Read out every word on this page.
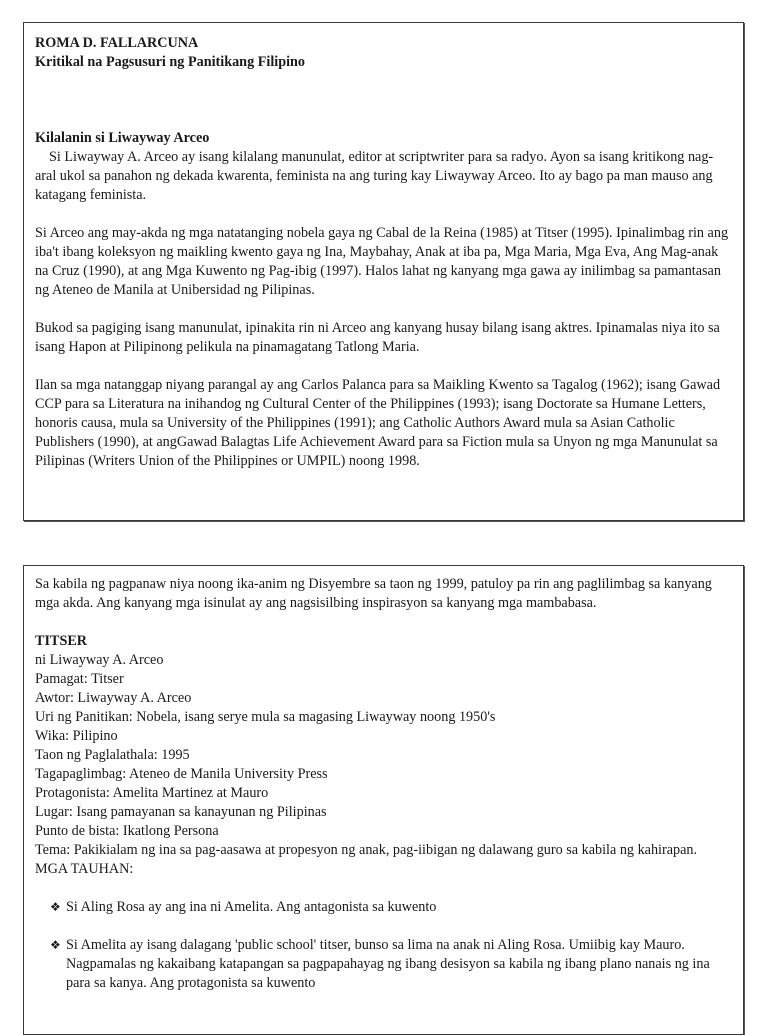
ROMA D. FALLARCUNA

Kritikal na Pagsusuri ng Panitikang Filipino

Kilalanin si Liwayway Arceo

Si Liwayway A. Arceo ay isang kilalang manunulat, editor at scriptwriter para sa radyo. Ayon sa isang kritikong nag-aral ukol sa panahon ng dekada kwarenta, feminista na ang turing kay Liwayway Arceo. Ito ay bago pa man mauso ang katagang feminista.

Si Arceo ang may-akda ng mga natatanging nobela gaya ng Cabal de la Reina (1985) at Titser (1995). Ipinalimbag rin ang iba't ibang koleksyon ng maikling kwento gaya ng Ina, Maybahay, Anak at iba pa, Mga Maria, Mga Eva, Ang Mag-anak na Cruz (1990), at ang Mga Kuwento ng Pag-ibig (1997). Halos lahat ng kanyang mga gawa ay inilimbag sa pamantasan ng Ateneo de Manila at Unibersidad ng Pilipinas.

Bukod sa pagiging isang manunulat, ipinakita rin ni Arceo ang kanyang husay bilang isang aktres. Ipinamalas niya ito sa isang Hapon at Pilipinong pelikula na pinamagatang Tatlong Maria.

Ilan sa mga natanggap niyang parangal ay ang Carlos Palanca para sa Maikling Kwento sa Tagalog (1962); isang Gawad CCP para sa Literatura na inihandog ng Cultural Center of the Philippines (1993); isang Doctorate sa Humane Letters, honoris causa, mula sa University of the Philippines (1991); ang Catholic Authors Award mula sa Asian Catholic Publishers (1990), at angGawad Balagtas Life Achievement Award para sa Fiction mula sa Unyon ng mga Manunulat sa Pilipinas (Writers Union of the Philippines or UMPIL) noong 1998.

Sa kabila ng pagpanaw niya noong ika-anim ng Disyembre sa taon ng 1999, patuloy pa rin ang paglilimbag sa kanyang mga akda. Ang kanyang mga isinulat ay ang nagsisilbing inspirasyon sa kanyang mga mambabasa.

TITSER

ni Liwayway A. Arceo

Pamagat: Titser

Awtor: Liwayway A. Arceo

Uri ng Panitikan: Nobela, isang serye mula sa magasing Liwayway noong 1950's

Wika: Pilipino

Taon ng Paglalathala: 1995

Tagapaglimbag: Ateneo de Manila University Press

Protagonista: Amelita Martinez at Mauro

Lugar: Isang pamayanan sa kanayunan ng Pilipinas

Punto de bista: Ikatlong Persona

Tema: Pakikialam ng ina sa pag-aasawa at propesyon ng anak, pag-iibigan ng dalawang guro sa kabila ng kahirapan.

MGA TAUHAN:

❖ Si Aling Rosa ay ang ina ni Amelita. Ang antagonista sa kuwento

❖ Si Amelita ay isang dalagang 'public school' titser, bunso sa lima na anak ni Aling Rosa. Umiibig kay Mauro. Nagpamalas ng kakaibang katapangan sa pagpapahayag ng ibang desisyon sa kabila ng ibang plano nanais ng ina para sa kanya. Ang protagonista sa kuwento
